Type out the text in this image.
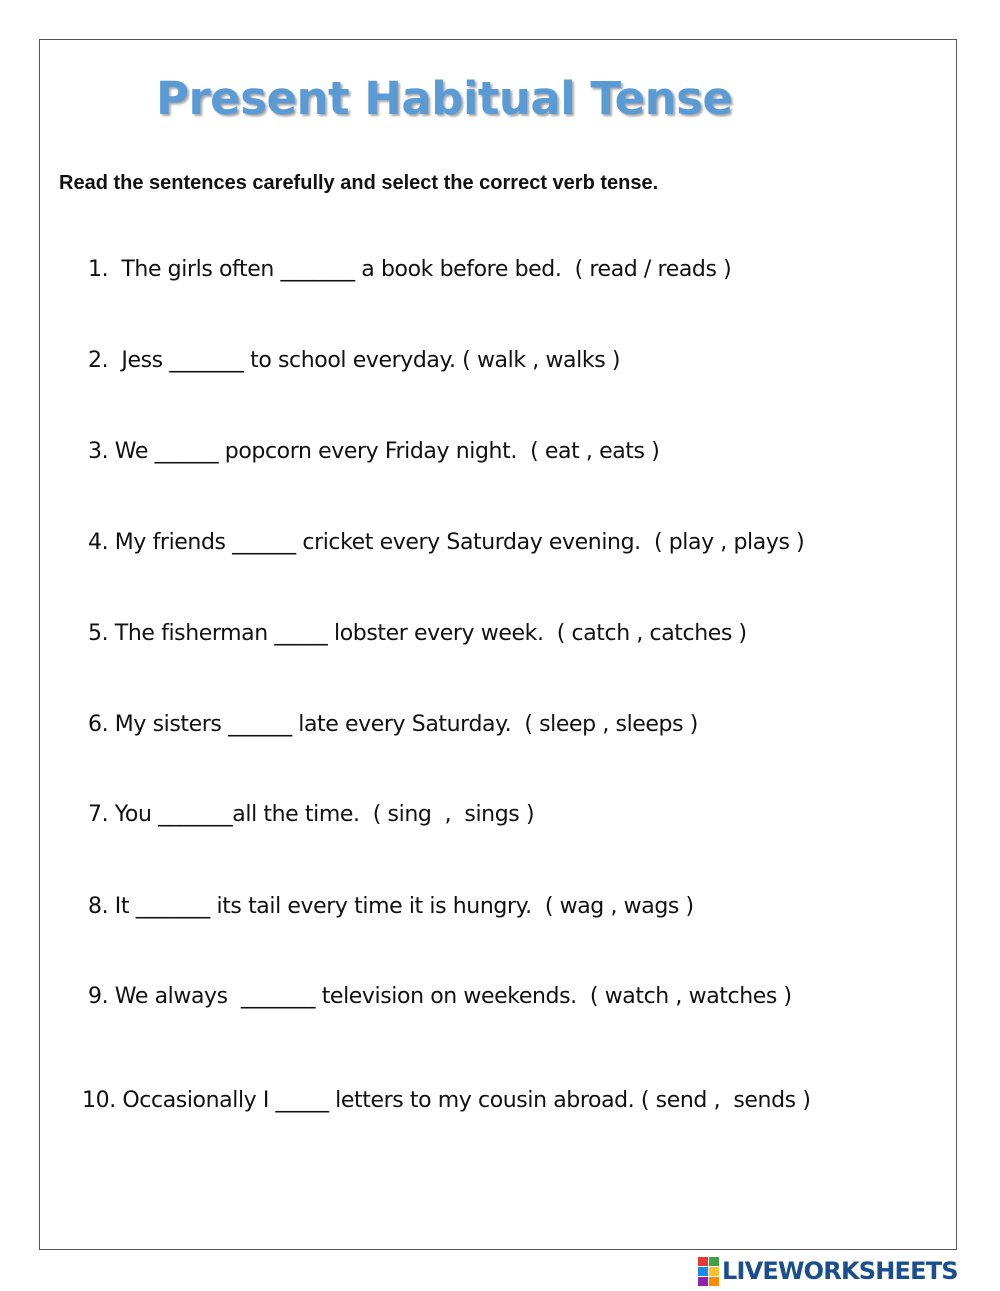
Present Habitual Tense

Read the sentences carefully and select the correct verb tense.

1.  The girls often _______ a book before bed.  ( read / reads )

2.  Jess _______ to school everyday. ( walk , walks )

3. We ______ popcorn every Friday night.  ( eat , eats )

4. My friends ______ cricket every Saturday evening.  ( play , plays )

5. The fisherman _____ lobster every week.  ( catch , catches )

6. My sisters ______ late every Saturday.  ( sleep , sleeps )

7. You _______all the time.  ( sing  ,  sings )

8. It _______ its tail every time it is hungry.  ( wag , wags )

9. We always  _______ television on weekends.  ( watch , watches )

10. Occasionally I _____ letters to my cousin abroad. ( send ,  sends )

LIVEWORKSHEETS
